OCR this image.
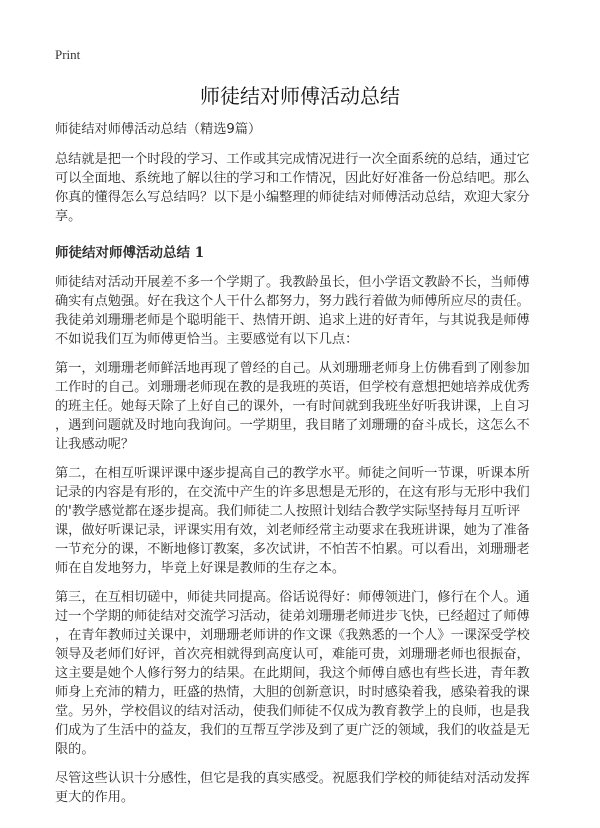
Print
师徒结对师傅活动总结
师徒结对师傅活动总结（精选9篇）
总结就是把一个时段的学习、工作或其完成情况进行一次全面系统的总结，通过它
可以全面地、系统地了解以往的学习和工作情况，因此好好准备一份总结吧。那么
你真的懂得怎么写总结吗？以下是小编整理的师徒结对师傅活动总结，欢迎大家分
享。
师徒结对师傅活动总结 1
师徒结对活动开展差不多一个学期了。我教龄虽长，但小学语文教龄不长，当师傅
确实有点勉强。好在我这个人干什么都努力，努力践行着做为师傅所应尽的责任。
我徒弟刘珊珊老师是个聪明能干、热情开朗、追求上进的好青年，与其说我是师傅
不如说我们互为师傅更恰当。主要感觉有以下几点：
第一，刘珊珊老师鲜活地再现了曾经的自己。从刘珊珊老师身上仿佛看到了刚参加
工作时的自己。刘珊珊老师现在教的是我班的英语，但学校有意想把她培养成优秀
的班主任。她每天除了上好自己的课外，一有时间就到我班坐好听我讲课，上自习
，遇到问题就及时地向我询问。一学期里，我目睹了刘珊珊的奋斗成长，这怎么不
让我感动呢？
第二，在相互听课评课中逐步提高自己的教学水平。师徒之间听一节课，听课本所
记录的内容是有形的，在交流中产生的许多思想是无形的，在这有形与无形中我们
的'教学感觉都在逐步提高。我们师徒二人按照计划结合教学实际坚持每月互听评
课，做好听课记录，评课实用有效，刘老师经常主动要求在我班讲课，她为了准备
一节充分的课，不断地修订教案，多次试讲，不怕苦不怕累。可以看出，刘珊珊老
师在自发地努力，毕竟上好课是教师的生存之本。
第三，在互相切磋中，师徒共同提高。俗话说得好：师傅领进门，修行在个人。通
过一个学期的师徒结对交流学习活动，徒弟刘珊珊老师进步飞快，已经超过了师傅
，在青年教师过关课中，刘珊珊老师讲的作文课《我熟悉的一个人》一课深受学校
领导及老师们好评，首次亮相就得到高度认可，难能可贵，刘珊珊老师也很振奋，
这主要是她个人修行努力的结果。在此期间，我这个师傅自感也有些长进，青年教
师身上充沛的精力，旺盛的热情，大胆的创新意识，时时感染着我，感染着我的课
堂。另外，学校倡议的结对活动，使我们师徒不仅成为教育教学上的良师，也是我
们成为了生活中的益友，我们的互帮互学涉及到了更广泛的领域，我们的收益是无
限的。
尽管这些认识十分感性，但它是我的真实感受。祝愿我们学校的师徒结对活动发挥
更大的作用。
